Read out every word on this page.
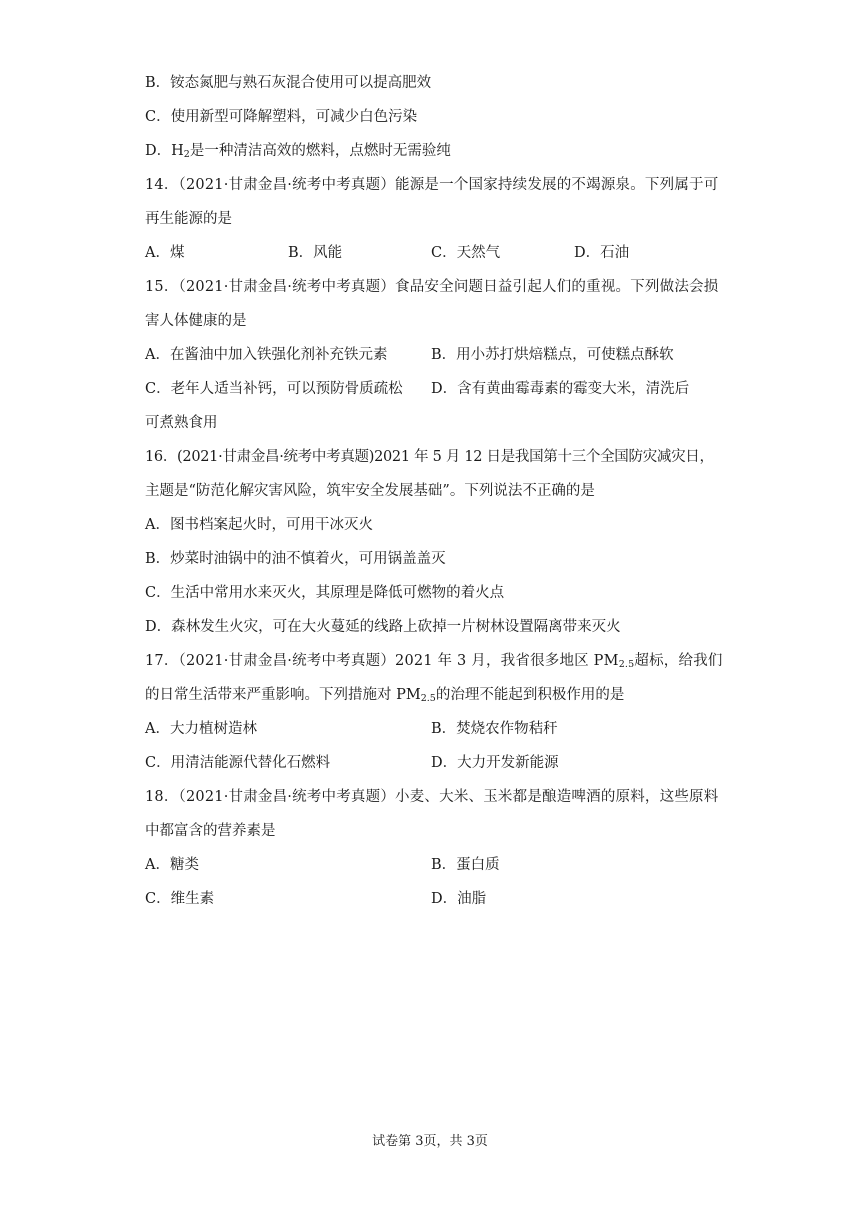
B．铵态氮肥与熟石灰混合使用可以提高肥效
C．使用新型可降解塑料，可减少白色污染
D．$H_2$是一种清洁高效的燃料，点燃时无需验纯
14．（2021·甘肃金昌·统考中考真题）能源是一个国家持续发展的不竭源泉。下列属于可
再生能源的是
A．煤	B．风能	C．天然气	D．石油
15．（2021·甘肃金昌·统考中考真题）食品安全问题日益引起人们的重视。下列做法会损
害人体健康的是
A．在酱油中加入铁强化剂补充铁元素	B．用小苏打烘焙糕点，可使糕点酥软
C．老年人适当补钙，可以预防骨质疏松	D．含有黄曲霉毒素的霉变大米，清洗后
可煮熟食用
16．(2021·甘肃金昌·统考中考真题)2021 年 5 月 12 日是我国第十三个全国防灾减灾日，
主题是“防范化解灾害风险，筑牢安全发展基础”。下列说法不正确的是
A．图书档案起火时，可用干冰灭火
B．炒菜时油锅中的油不慎着火，可用锅盖盖灭
C．生活中常用水来灭火，其原理是降低可燃物的着火点
D．森林发生火灾，可在大火蔓延的线路上砍掉一片树林设置隔离带来灭火
17．（2021·甘肃金昌·统考中考真题）2021 年 3 月，我省很多地区 $PM_{2.5}$超标，给我们
的日常生活带来严重影响。下列措施对 $PM_{2.5}$的治理不能起到积极作用的是
A．大力植树造林	B．焚烧农作物秸秆
C．用清洁能源代替化石燃料	D．大力开发新能源
18．（2021·甘肃金昌·统考中考真题）小麦、大米、玉米都是酿造啤酒的原料，这些原料
中都富含的营养素是
A．糖类	B．蛋白质
C．维生素	D．油脂
试卷第 3页，共 3页
